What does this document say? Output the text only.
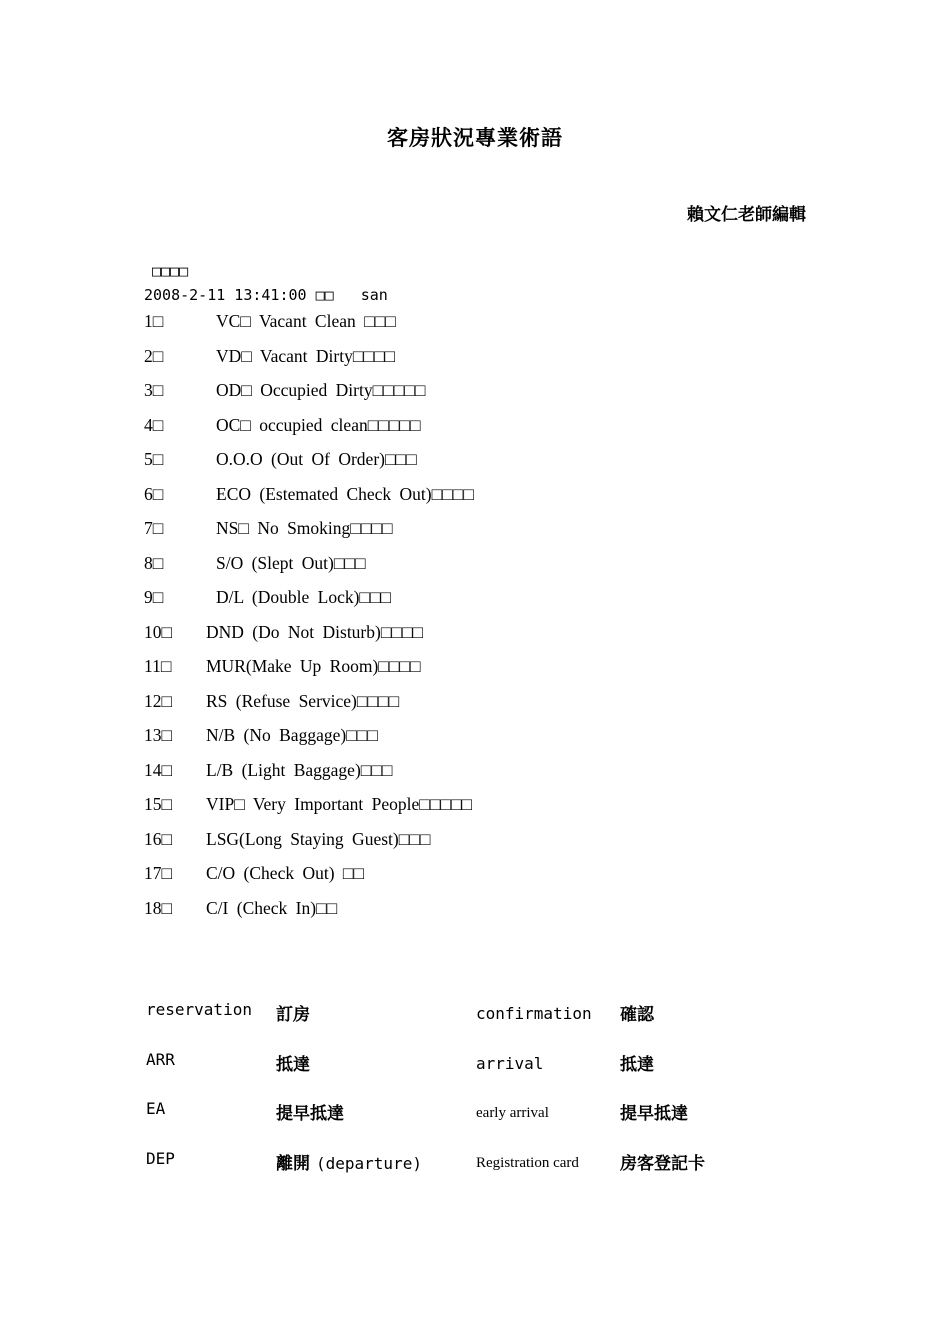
客房狀況專業術語
賴文仁老師編輯
□□□□
2008-2-11 13:41:00 □□   san
1□	VC□ Vacant Clean □□□
2□	VD□ Vacant Dirty□□□□
3□	OD□ Occupied Dirty□□□□□
4□	OC□ occupied clean□□□□□
5□	O.O.O (Out Of Order)□□□
6□	ECO (Estemated Check Out)□□□□
7□	NS□ No Smoking□□□□
8□	S/O (Slept Out)□□□
9□	D/L (Double Lock)□□□
10□ DND (Do Not Disturb)□□□□
11□ MUR(Make Up Room)□□□□
12□ RS (Refuse Service)□□□□
13□ N/B (No Baggage)□□□
14□ L/B (Light Baggage)□□□
15□ VIP□ Very Important People□□□□□
16□ LSG(Long Staying Guest)□□□
17□ C/O (Check Out) □□
18□ C/I (Check In)□□
reservation 訂房	confirmation 確認
ARR	抵達	arrival	抵達
EA	提早抵達	early arrival	提早抵達
DEP	離開 (departure)	Registration card 房客登記卡
